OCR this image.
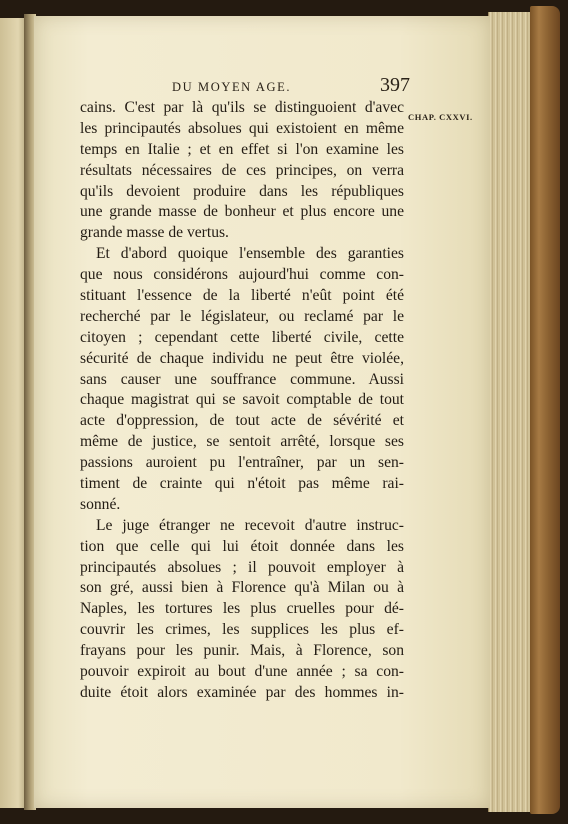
DU MOYEN AGE.	397
CHAP. CXXVI.
cains. C'est par là qu'ils se distinguoient d'avec
les principautés absolues qui existoient en même
temps en Italie ; et en effet si l'on examine les
résultats nécessaires de ces principes, on verra
qu'ils devoient produire dans les républiques
une grande masse de bonheur et plus encore une
grande masse de vertus.
Et d'abord quoique l'ensemble des garanties
que nous considérons aujourd'hui comme con-
stituant l'essence de la liberté n'eût point été
recherché par le législateur, ou reclamé par le
citoyen ; cependant cette liberté civile, cette
sécurité de chaque individu ne peut être violée,
sans causer une souffrance commune. Aussi
chaque magistrat qui se savoit comptable de tout
acte d'oppression, de tout acte de sévérité et
même de justice, se sentoit arrêté, lorsque ses
passions auroient pu l'entraîner, par un sen-
timent de crainte qui n'étoit pas même rai-
sonné.
Le juge étranger ne recevoit d'autre instruc-
tion que celle qui lui étoit donnée dans les
principautés absolues ; il pouvoit employer à
son gré, aussi bien à Florence qu'à Milan ou à
Naples, les tortures les plus cruelles pour dé-
couvrir les crimes, les supplices les plus ef-
frayans pour les punir. Mais, à Florence, son
pouvoir expiroit au bout d'une année ; sa con-
duite étoit alors examinée par des hommes in-
